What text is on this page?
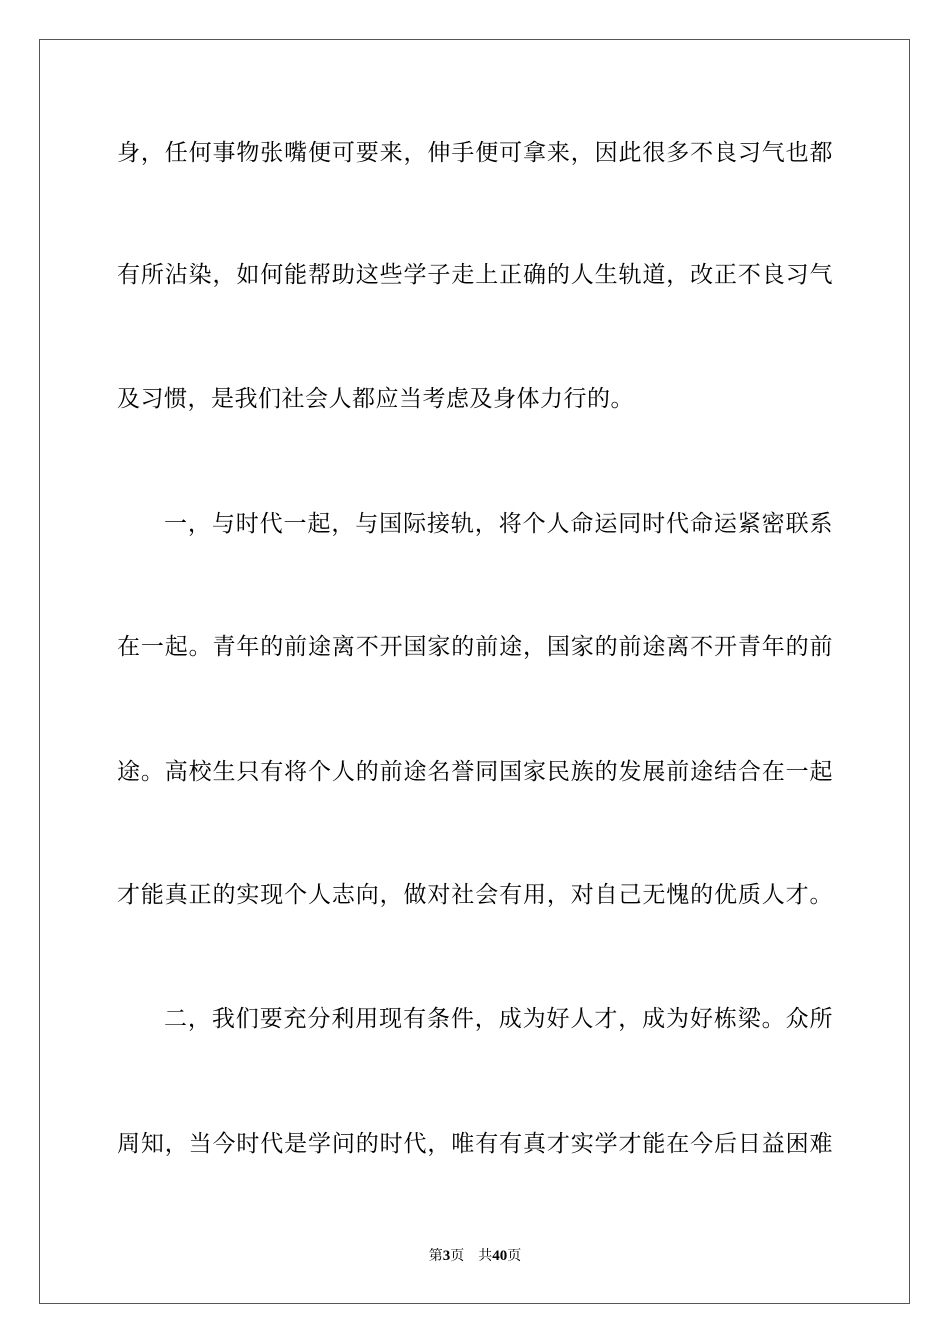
身，任何事物张嘴便可要来，伸手便可拿来，因此很多不良习气也都
有所沾染，如何能帮助这些学子走上正确的人生轨道，改正不良习气
及习惯，是我们社会人都应当考虑及身体力行的。
一，与时代一起，与国际接轨，将个人命运同时代命运紧密联系
在一起。青年的前途离不开国家的前途，国家的前途离不开青年的前
途。高校生只有将个人的前途名誉同国家民族的发展前途结合在一起
才能真正的实现个人志向，做对社会有用，对自己无愧的优质人才。
二，我们要充分利用现有条件，成为好人才，成为好栋梁。众所
周知，当今时代是学问的时代，唯有有真才实学才能在今后日益困难
第3页 共40页
